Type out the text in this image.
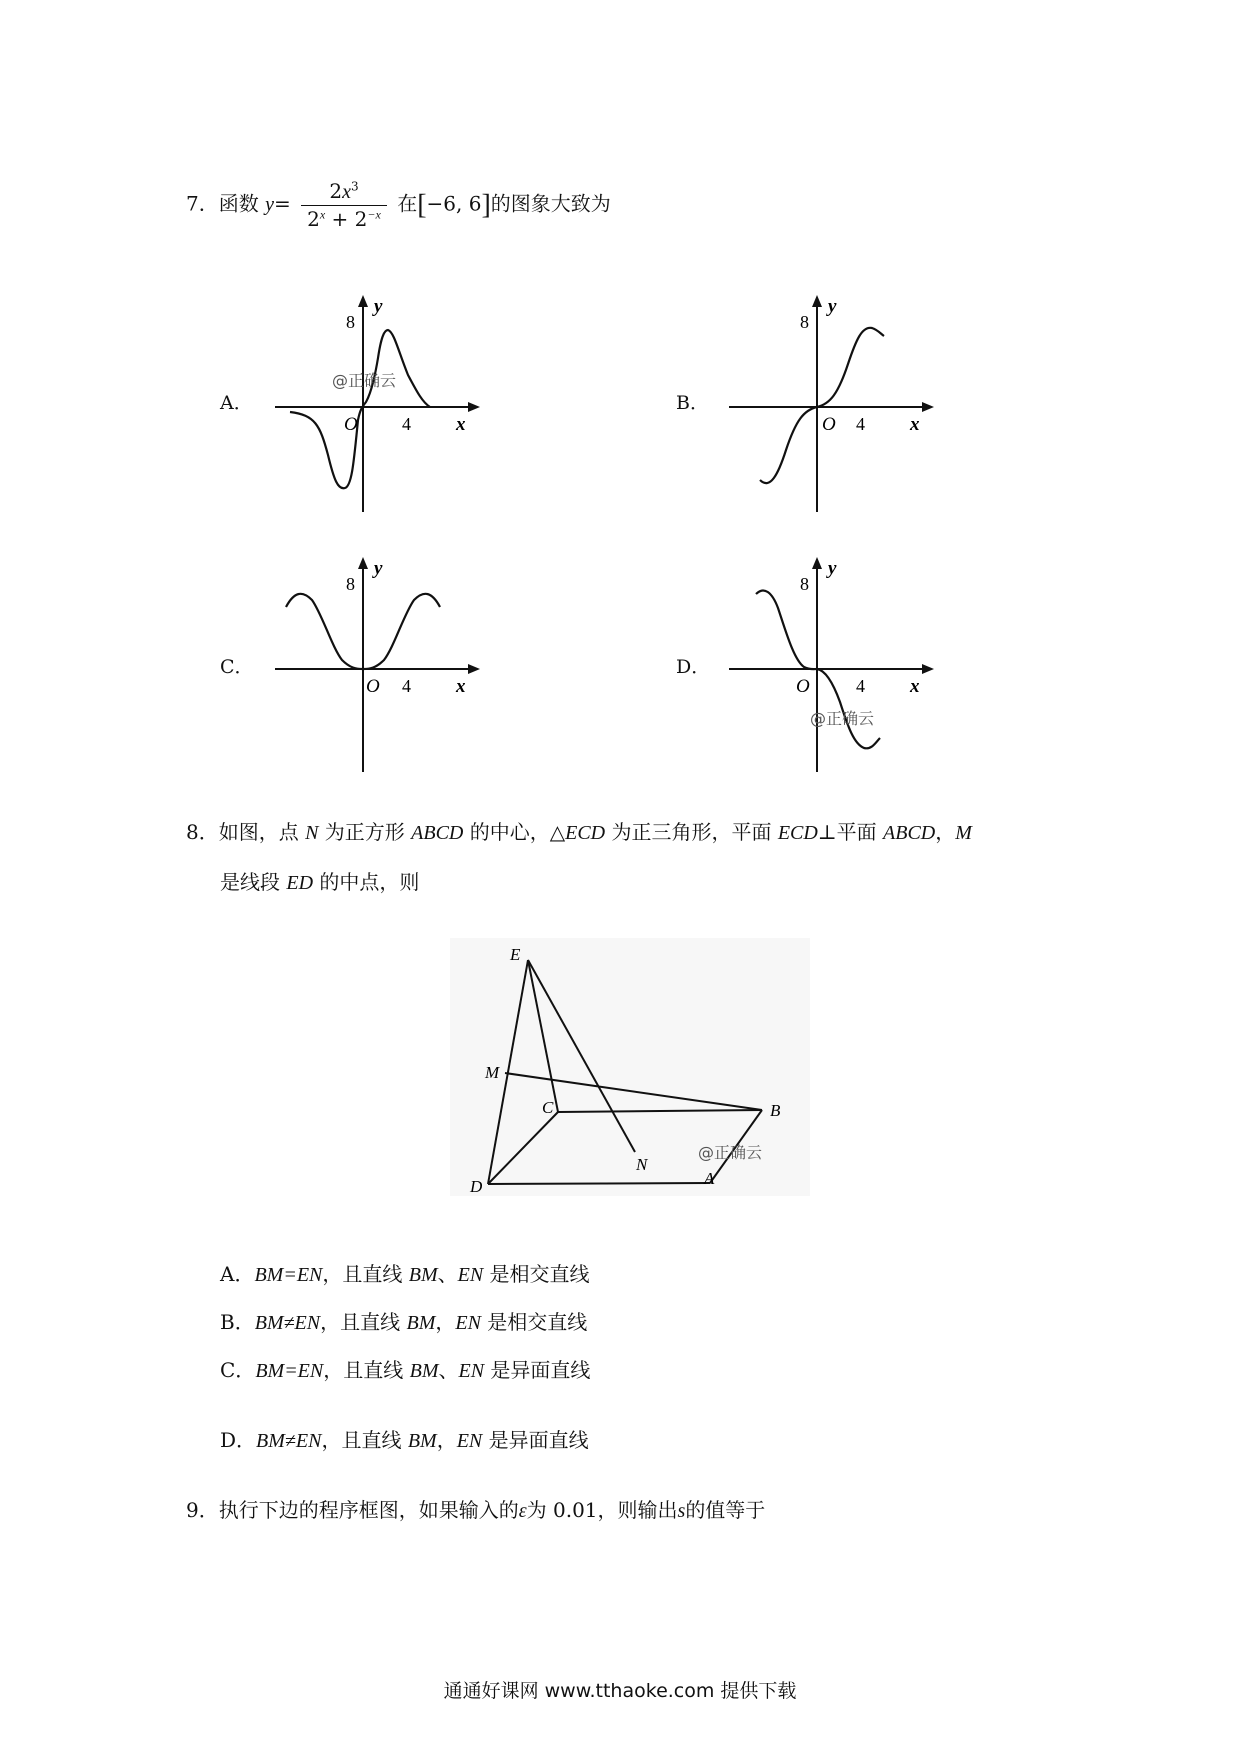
7．函数 $y= \frac{2x^3}{2^x + 2^{-x}}$ 在[−6, 6]的图象大致为
A．	B．
C．	D．
8
y
O 4 x
@正确云
8
y
O 4 x
8
y
O 4 x
8
y
O	4 x
@正确云
8．如图，点 N 为正方形 ABCD 的中心，△ECD 为正三角形，平面 ECD⊥平面 ABCD，M
是线段 ED 的中点，则
E
M
C	B
N
D	A
@正确云
A．BM=EN，且直线 BM、EN 是相交直线
B．BM≠EN，且直线 BM，EN 是相交直线
C．BM=EN，且直线 BM、EN 是异面直线
D．BM≠EN，且直线 BM，EN 是异面直线
9．执行下边的程序框图，如果输入的ε为 0.01，则输出s的值等于
通通好课网 www.tthaoke.com 提供下载
